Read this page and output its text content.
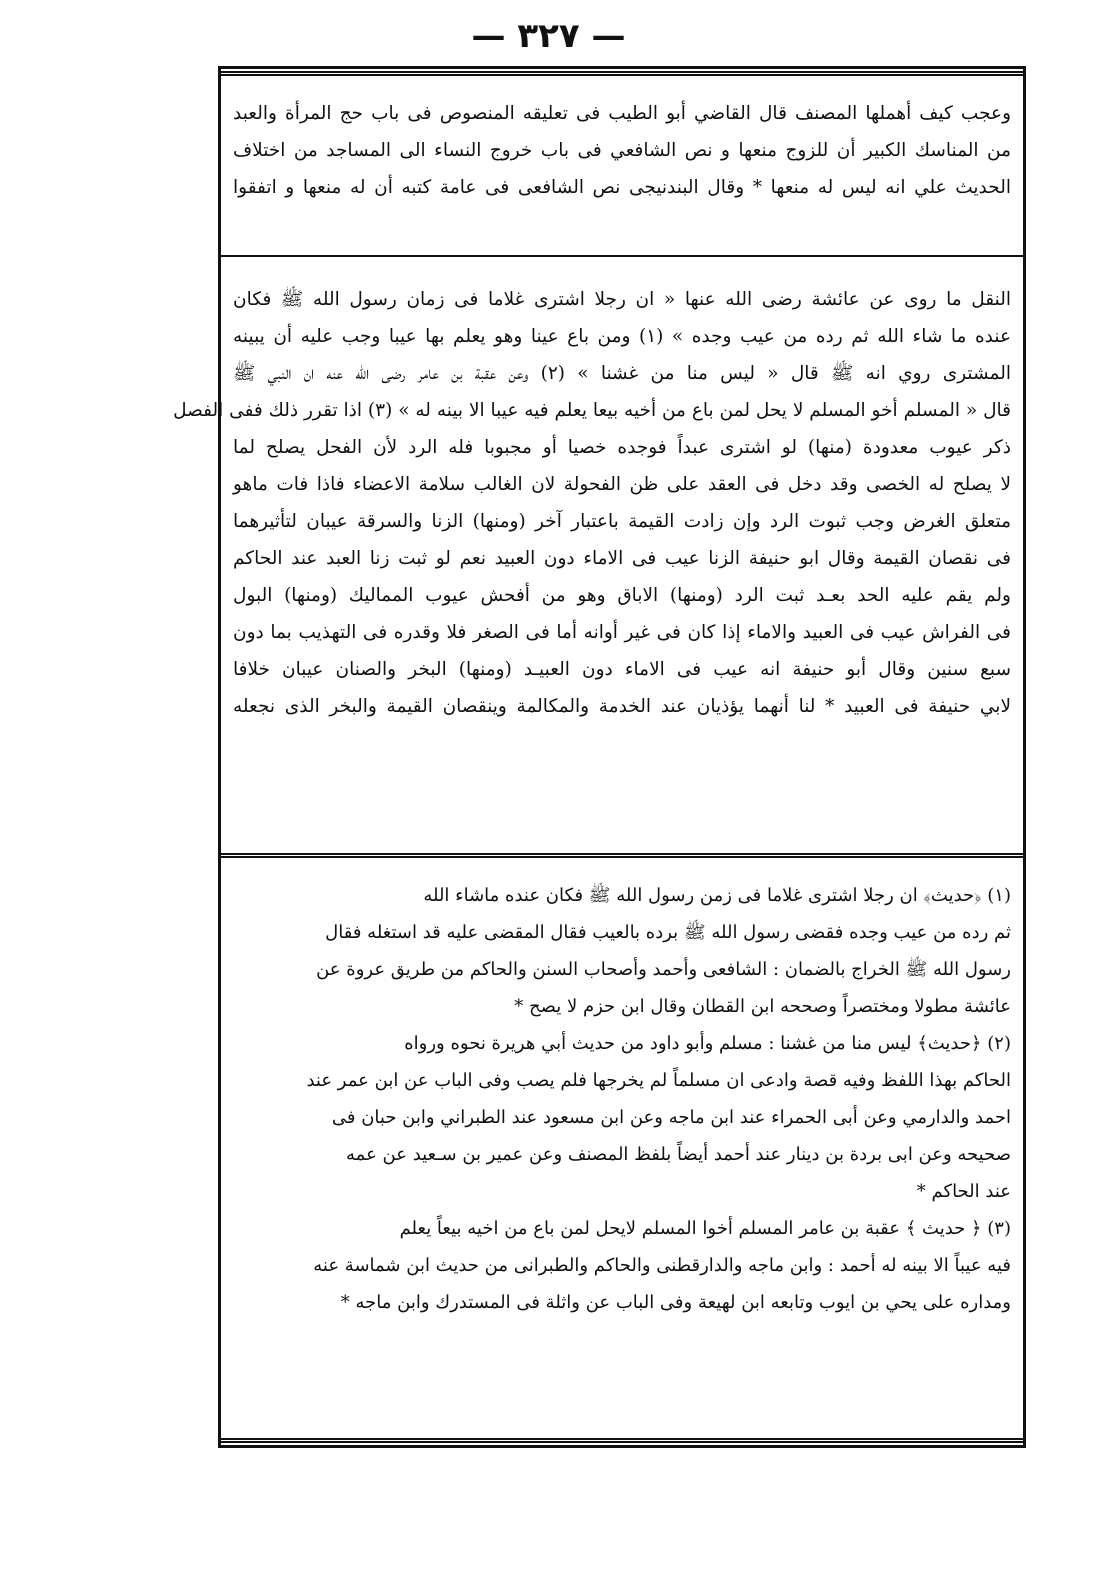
— ٣٢٧ —
وعجب كيف أهملها المصنف قال القاضي أبو الطيب فى تعليقه المنصوص فى باب حج المرأة والعبد
من المناسك الكبير أن للزوج منعها و نص الشافعي فى باب خروج النساء الى المساجد من اختلاف
الحديث علي انه ليس له منعها * وقال البندنيجى نص الشافعى فى عامة كتبه أن له منعها و اتفقوا
النقل ما روى عن عائشة رضى الله عنها « ان رجلا اشترى غلاما فى زمان رسول الله ﷺ فكان
عنده ما شاء الله ثم رده من عيب وجده » (١) ومن باع عينا وهو يعلم بها عيبا وجب عليه أن يبينه
المشترى روي انه ﷺ قال « ليس منا من غشنا » (٢) وعن عقبة بن عامر رضى الله عنه ان النبي ﷺ
قال « المسلم أخو المسلم لا يحل لمن باع من أخيه بيعا يعلم فيه عيبا الا بينه له » (٣) اذا تقرر ذلك ففى الفصل
ذكر عيوب معدودة (منها) لو اشترى عبداً فوجده خصيا أو مجبوبا فله الرد لأن الفحل يصلح لما
لا يصلح له الخصى وقد دخل فى العقد على ظن الفحولة لان الغالب سلامة الاعضاء فاذا فات ماهو
متعلق الغرض وجب ثبوت الرد وإن زادت القيمة باعتبار آخر (ومنها) الزنا والسرقة عيبان لتأثيرهما
فى نقصان القيمة وقال ابو حنيفة الزنا عيب فى الاماء دون العبيد نعم لو ثبت زنا العبد عند الحاكم
ولم يقم عليه الحد بعـد ثبت الرد (ومنها) الاباق وهو من أفحش عيوب المماليك (ومنها) البول
فى الفراش عيب فى العبيد والاماء إذا كان فى غير أوانه أما فى الصغر فلا وقدره فى التهذيب بما دون
سبع سنين وقال أبو حنيفة انه عيب فى الاماء دون العبيـد (ومنها) البخر والصنان عيبان خلافا
لابي حنيفة فى العبيد * لنا أنهما يؤذيان عند الخدمة والمكالمة وينقصان القيمة والبخر الذى نجعله
(١) ﴿حديث﴾ ان رجلا اشترى غلاما فى زمن رسول الله ﷺ فكان عنده ماشاء الله
ثم رده من عيب وجده فقضى رسول الله ﷺ برده بالعيب فقال المقضى عليه قد استغله فقال
رسول الله ﷺ الخراج بالضمان : الشافعى وأحمد وأصحاب السنن والحاكم من طريق عروة عن
عائشة مطولا ومختصراً وصححه ابن القطان وقال ابن حزم لا يصح *
(٢) ﴿حديث﴾ ليس منا من غشنا : مسلم وأبو داود من حديث أبي هريرة نحوه ورواه
الحاكم بهذا اللفظ وفيه قصة وادعى ان مسلماً لم يخرجها فلم يصب وفى الباب عن ابن عمر عند
احمد والدارمي وعن أبى الحمراء عند ابن ماجه وعن ابن مسعود عند الطبراني وابن حبان فى
صحيحه وعن ابى بردة بن دينار عند أحمد أيضاً بلفظ المصنف وعن عمير بن سـعيد عن عمه
عند الحاكم *
(٣) ﴿ حديث ﴾ عقبة بن عامر المسلم أخوا المسلم لايحل لمن باع من اخيه بيعاً يعلم
فيه عيباً الا بينه له أحمد : وابن ماجه والدارقطنى والحاكم والطبرانى من حديث ابن شماسة عنه
ومداره على يحي بن ايوب وتابعه ابن لهيعة وفى الباب عن واثلة فى المستدرك وابن ماجه *
